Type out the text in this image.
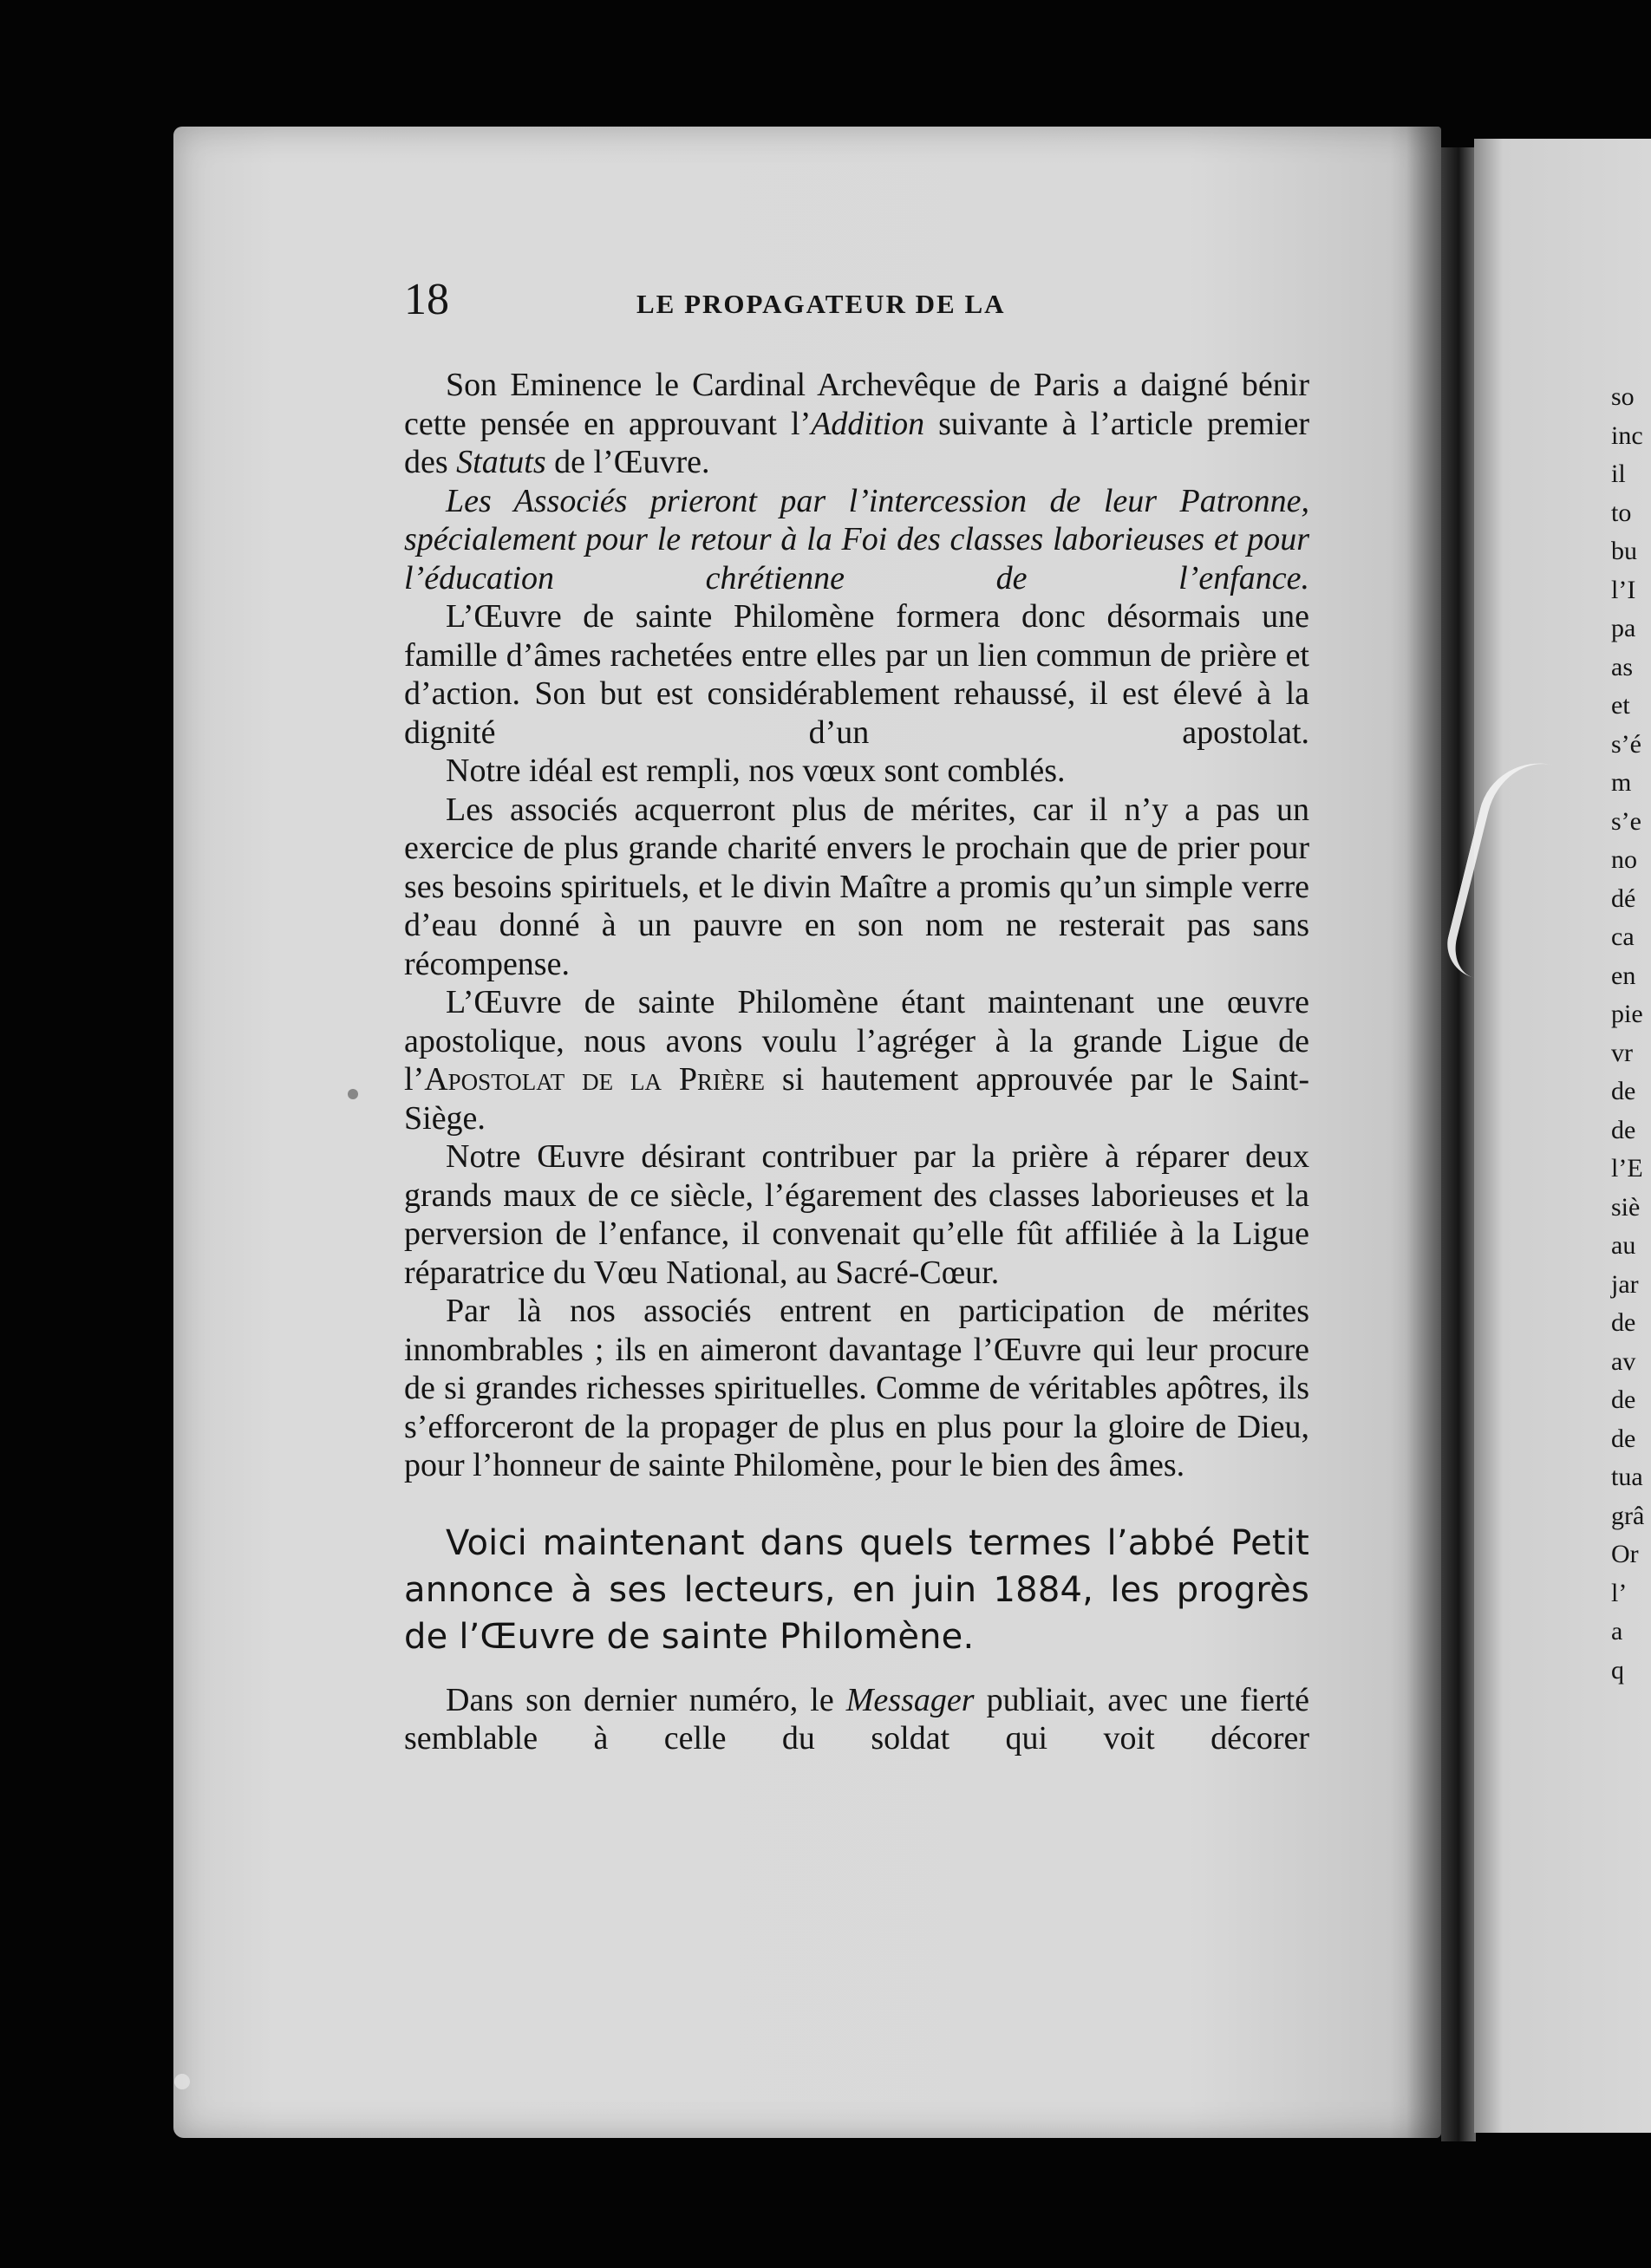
so
inc
il
to
bu
l’I
pa
as
et
s’é
m
s’e
no
dé
ca
en
pie
vr
de
de
l’E
siè
au
jar
de
av
de
de
tua
grâ
Or
l’
a
q
18	LE PROPAGATEUR DE LA

Son Eminence le Cardinal Archevêque de Paris a daigné bénir cette pensée en approuvant l’Addition suivante à l’article premier des Statuts de l’Œuvre.

Les Associés prieront par l’intercession de leur Patronne, spécialement pour le retour à la Foi des classes laborieuses et pour l’éducation chrétienne de l’enfance.

L’Œuvre de sainte Philomène formera donc désormais une famille d’âmes rachetées entre elles par un lien commun de prière et d’action. Son but est considérablement rehaussé, il est élevé à la dignité d’un apostolat.

Notre idéal est rempli, nos vœux sont comblés.

Les associés acquerront plus de mérites, car il n’y a pas un exercice de plus grande charité envers le prochain que de prier pour ses besoins spirituels, et le divin Maître a promis qu’un simple verre d’eau donné à un pauvre en son nom ne resterait pas sans récompense.

L’Œuvre de sainte Philomène étant maintenant une œuvre apostolique, nous avons voulu l’agréger à la grande Ligue de l’Apostolat de la Prière si hautement approuvée par le Saint-Siège.

Notre Œuvre désirant contribuer par la prière à réparer deux grands maux de ce siècle, l’égarement des classes laborieuses et la perversion de l’enfance, il convenait qu’elle fût affiliée à la Ligue réparatrice du Vœu National, au Sacré-Cœur.

Par là nos associés entrent en participation de mérites innombrables ; ils en aimeront davantage l’Œuvre qui leur procure de si grandes richesses spirituelles. Comme de véritables apôtres, ils s’efforceront de la propager de plus en plus pour la gloire de Dieu, pour l’honneur de sainte Philomène, pour le bien des âmes.

Voici maintenant dans quels termes l’abbé Petit annonce à ses lecteurs, en juin 1884, les progrès de l’Œuvre de sainte Philomène.

Dans son dernier numéro, le Messager publiait, avec une fierté semblable à celle du soldat qui voit décorer
